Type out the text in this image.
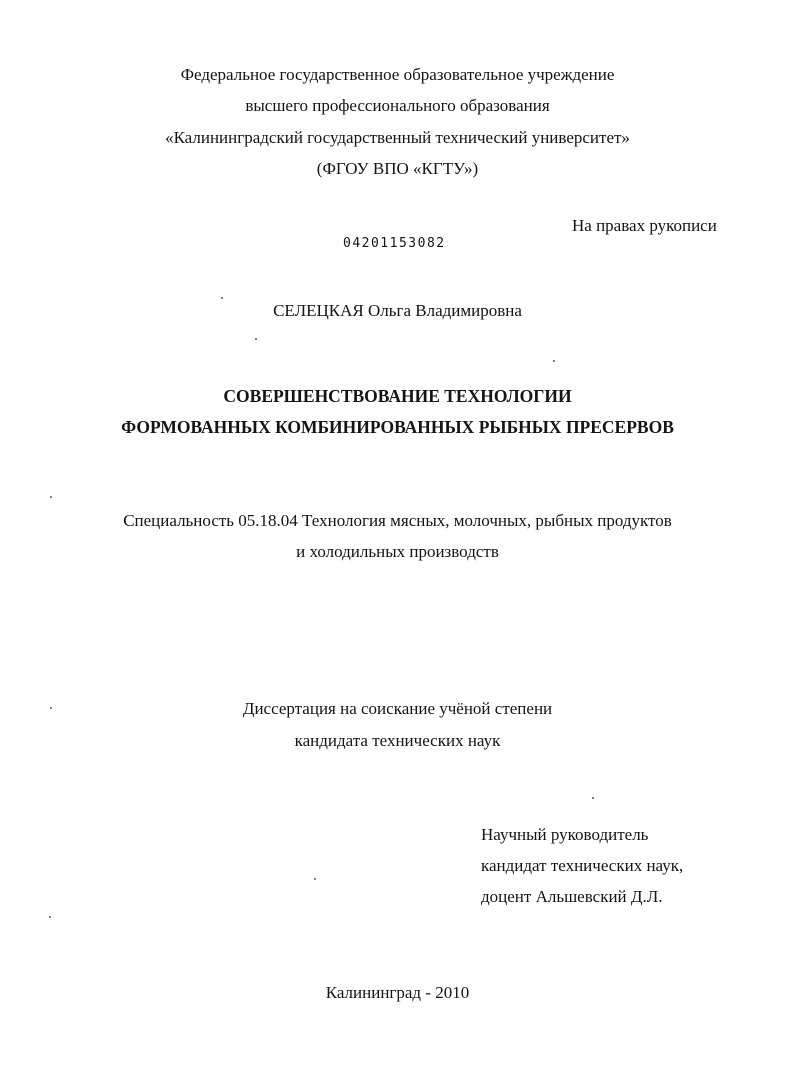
Федеральное государственное образовательное учреждение
высшего профессионального образования
«Калининградский государственный технический университет»
(ФГОУ ВПО «КГТУ»)
На правах рукописи
04201153082
СЕЛЕЦКАЯ Ольга Владимировна
СОВЕРШЕНСТВОВАНИЕ ТЕХНОЛОГИИ
ФОРМОВАННЫХ КОМБИНИРОВАННЫХ РЫБНЫХ ПРЕСЕРВОВ
Специальность 05.18.04 Технология мясных, молочных, рыбных продуктов
и холодильных производств
Диссертация на соискание учёной степени
кандидата технических наук
Научный руководитель
кандидат технических наук,
доцент Альшевский Д.Л.
Калининград - 2010
